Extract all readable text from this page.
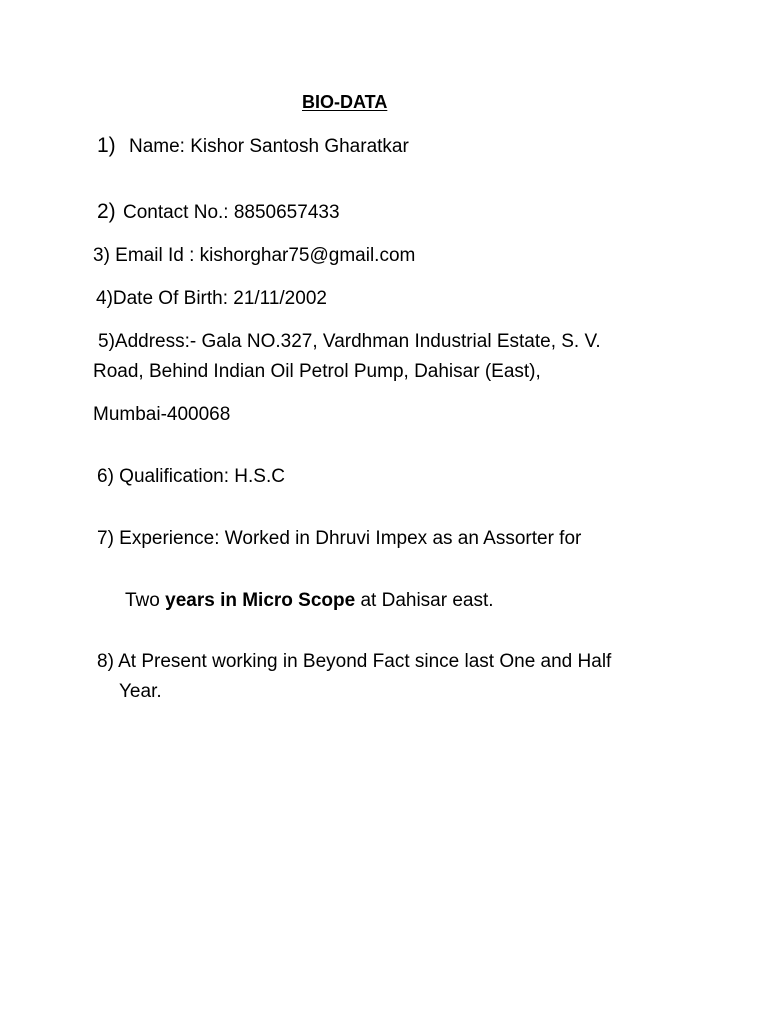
BIO-DATA
1) Name: Kishor Santosh Gharatkar
2) Contact No.: 8850657433
3) Email Id : kishorghar75@gmail.com
4)Date Of Birth: 21/11/2002
5)Address:- Gala NO.327, Vardhman Industrial Estate, S. V.
Road, Behind Indian Oil Petrol Pump, Dahisar (East),
Mumbai-400068
6) Qualification: H.S.C
7) Experience: Worked in Dhruvi Impex as an Assorter for
Two years in Micro Scope at Dahisar east.
8) At Present working in Beyond Fact since last One and Half
Year.
